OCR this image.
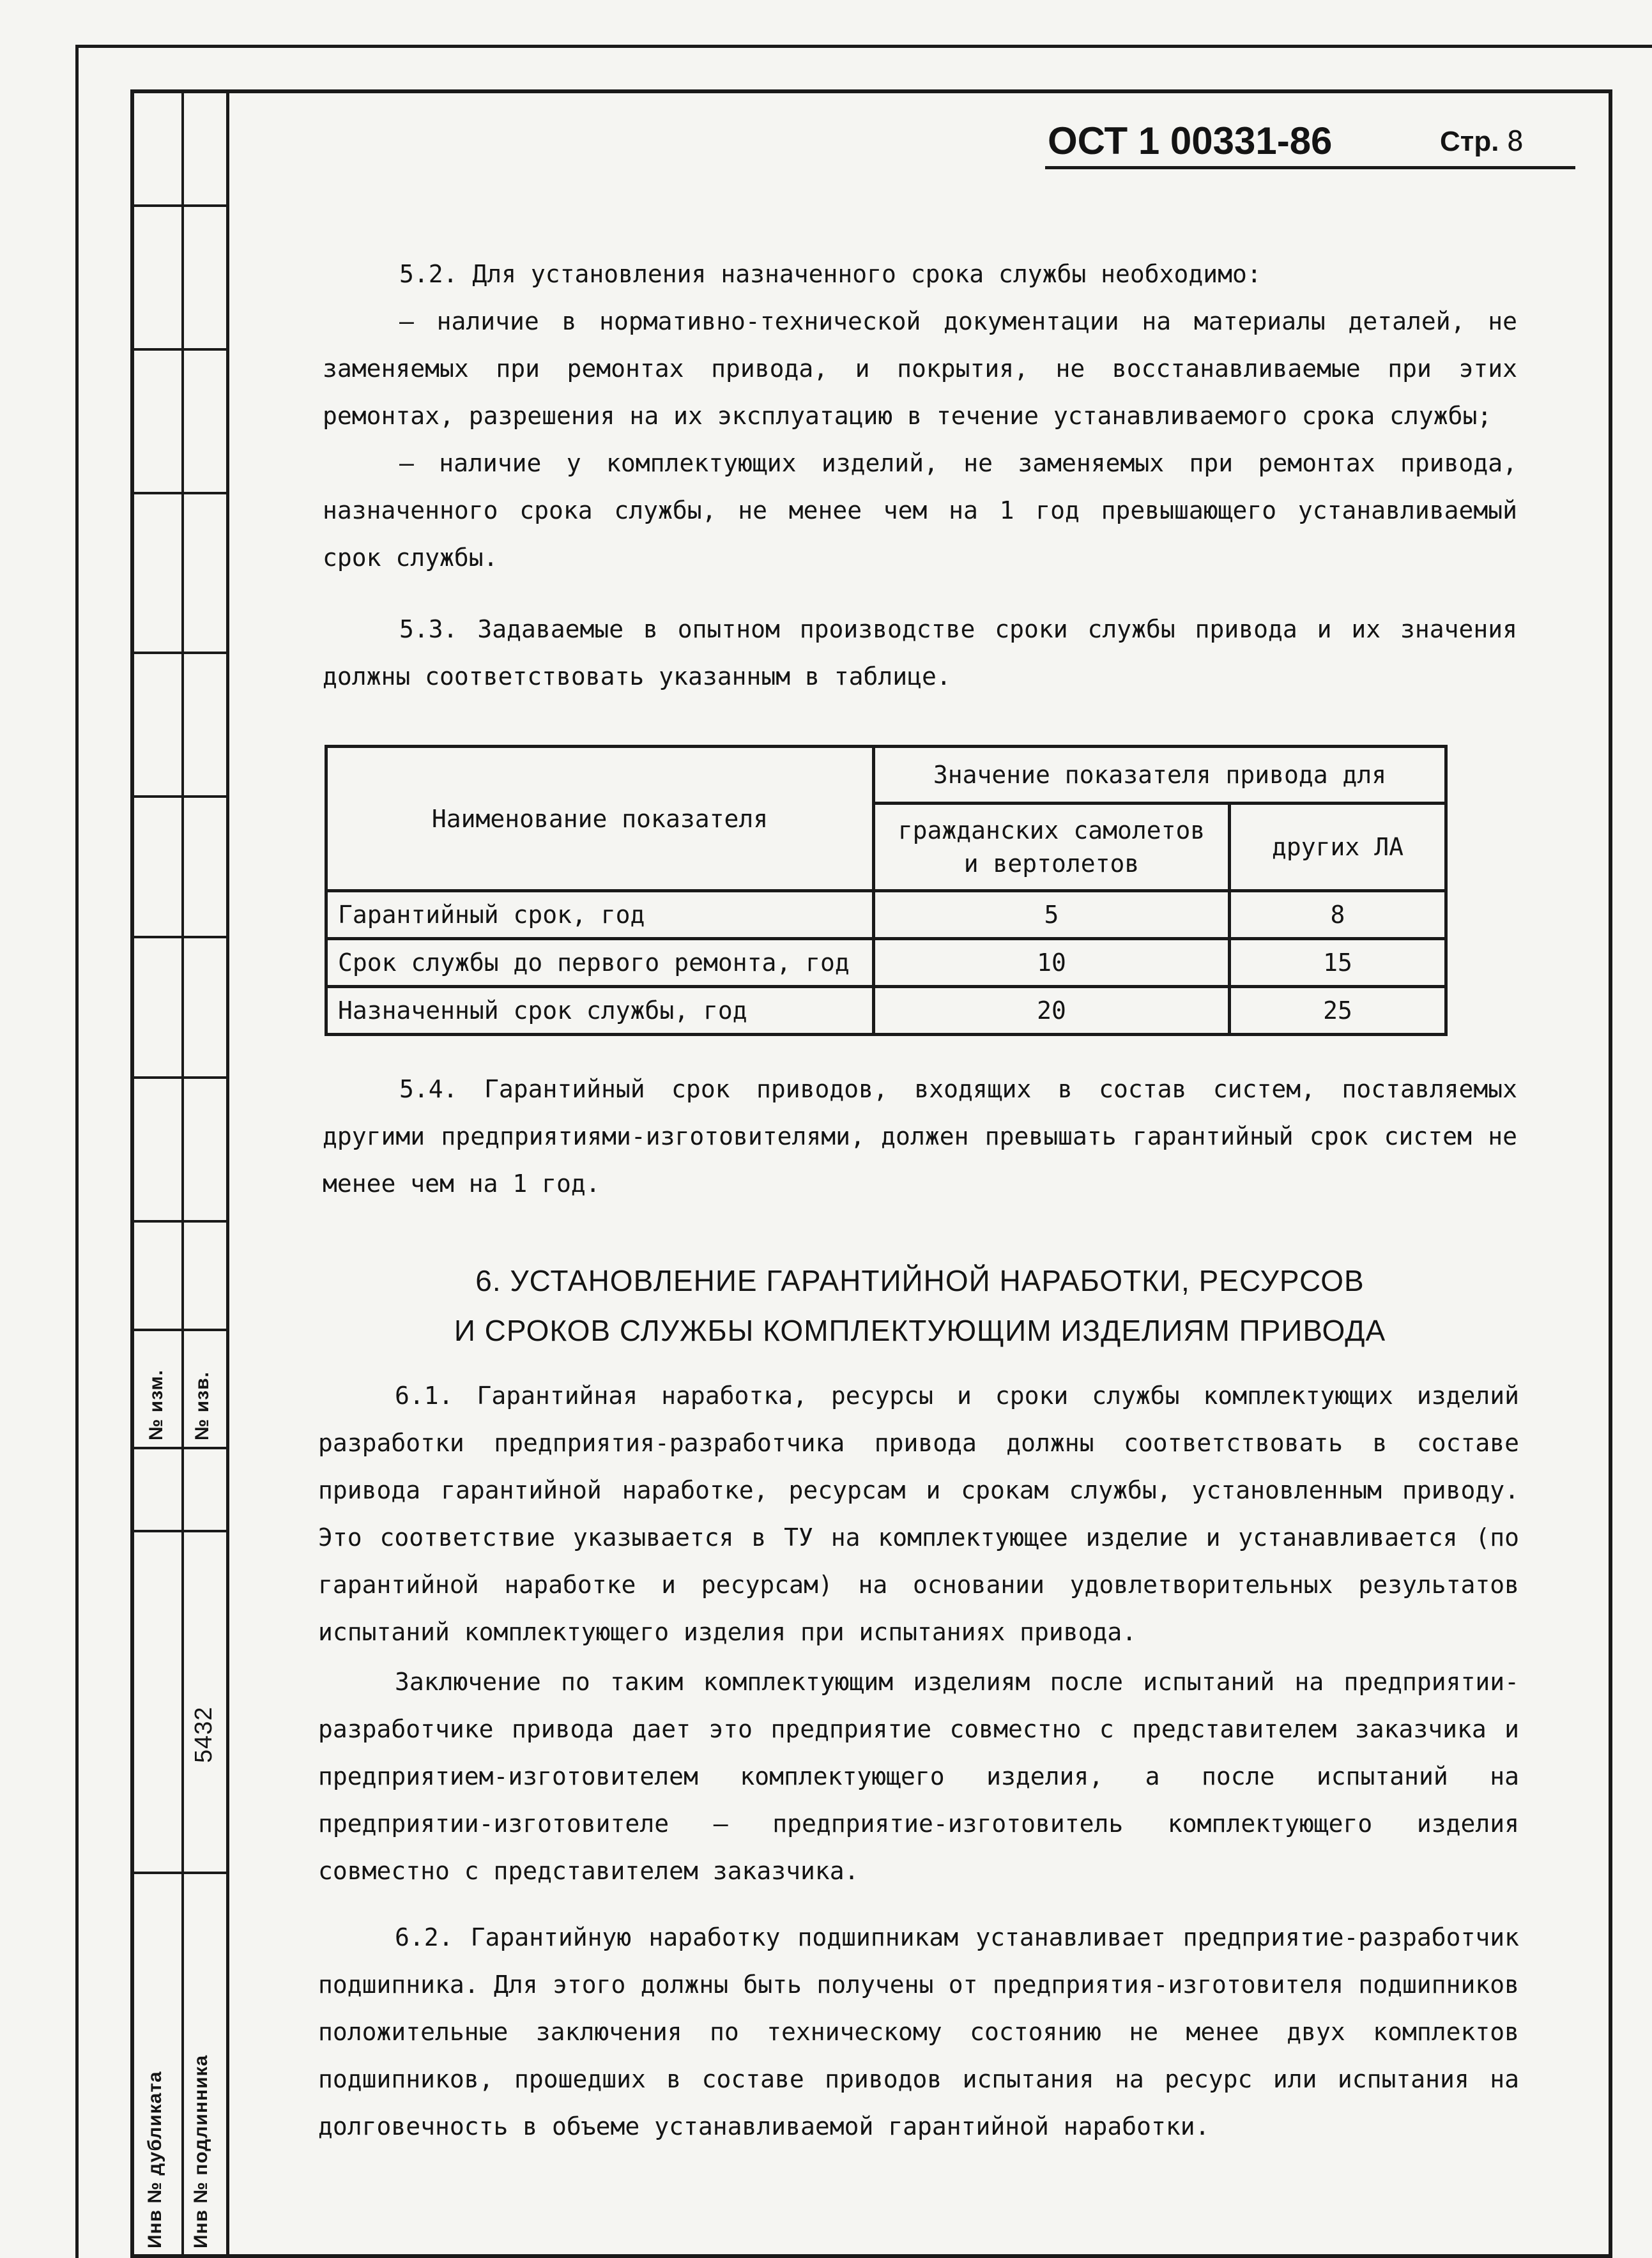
№ изм. № изв.
5432
Инв № дубликата Инв № подлинника
ОСТ 1 00331-86	Стр. 8

5.2. Для установления назначенного срока службы необходимо:

– наличие в нормативно-технической документации на материалы деталей, не заменяемых при ремонтах привода, и покрытия, не восстанавливаемые при этих ремонтах, разрешения на их эксплуатацию в течение устанавливаемого срока службы;

– наличие у комплектующих изделий, не заменяемых при ремонтах привода, назначенного срока службы, не менее чем на 1 год превышающего устанавливаемый срок службы.

5.3. Задаваемые в опытном производстве сроки службы привода и их значения должны соответствовать указанным в таблице.

Наименование показателя	Значение показателя привода для	
	гражданских самолетов и вертолетов	других ЛА
Гарантийный срок, год	5	8
Срок службы до первого ремонта, год	10	15
Назначенный срок службы, год	20	25

5.4. Гарантийный срок приводов, входящих в состав систем, поставляемых другими предприятиями-изготовителями, должен превышать гарантийный срок систем не менее чем на 1 год.

6. УСТАНОВЛЕНИЕ ГАРАНТИЙНОЙ НАРАБОТКИ, РЕСУРСОВ
И СРОКОВ СЛУЖБЫ КОМПЛЕКТУЮЩИМ ИЗДЕЛИЯМ ПРИВОДА

6.1. Гарантийная наработка, ресурсы и сроки службы комплектующих изделий разработки предприятия-разработчика привода должны соответствовать в составе привода гарантийной наработке, ресурсам и срокам службы, установленным приводу. Это соответствие указывается в ТУ на комплектующее изделие и устанавливается (по гарантийной наработке и ресурсам) на основании удовлетворительных результатов испытаний комплектующего изделия при испытаниях привода.

Заключение по таким комплектующим изделиям после испытаний на предприятии-разработчике привода дает это предприятие совместно с представителем заказчика и предприятием-изготовителем комплектующего изделия, а после испытаний на предприятии-изготовителе – предприятие-изготовитель комплектующего изделия совместно с представителем заказчика.

6.2. Гарантийную наработку подшипникам устанавливает предприятие-разработчик подшипника. Для этого должны быть получены от предприятия-изготовителя подшипников положительные заключения по техническому состоянию не менее двух комплектов подшипников, прошедших в составе приводов испытания на ресурс или испытания на долговечность в объеме устанавливаемой гарантийной наработки.
